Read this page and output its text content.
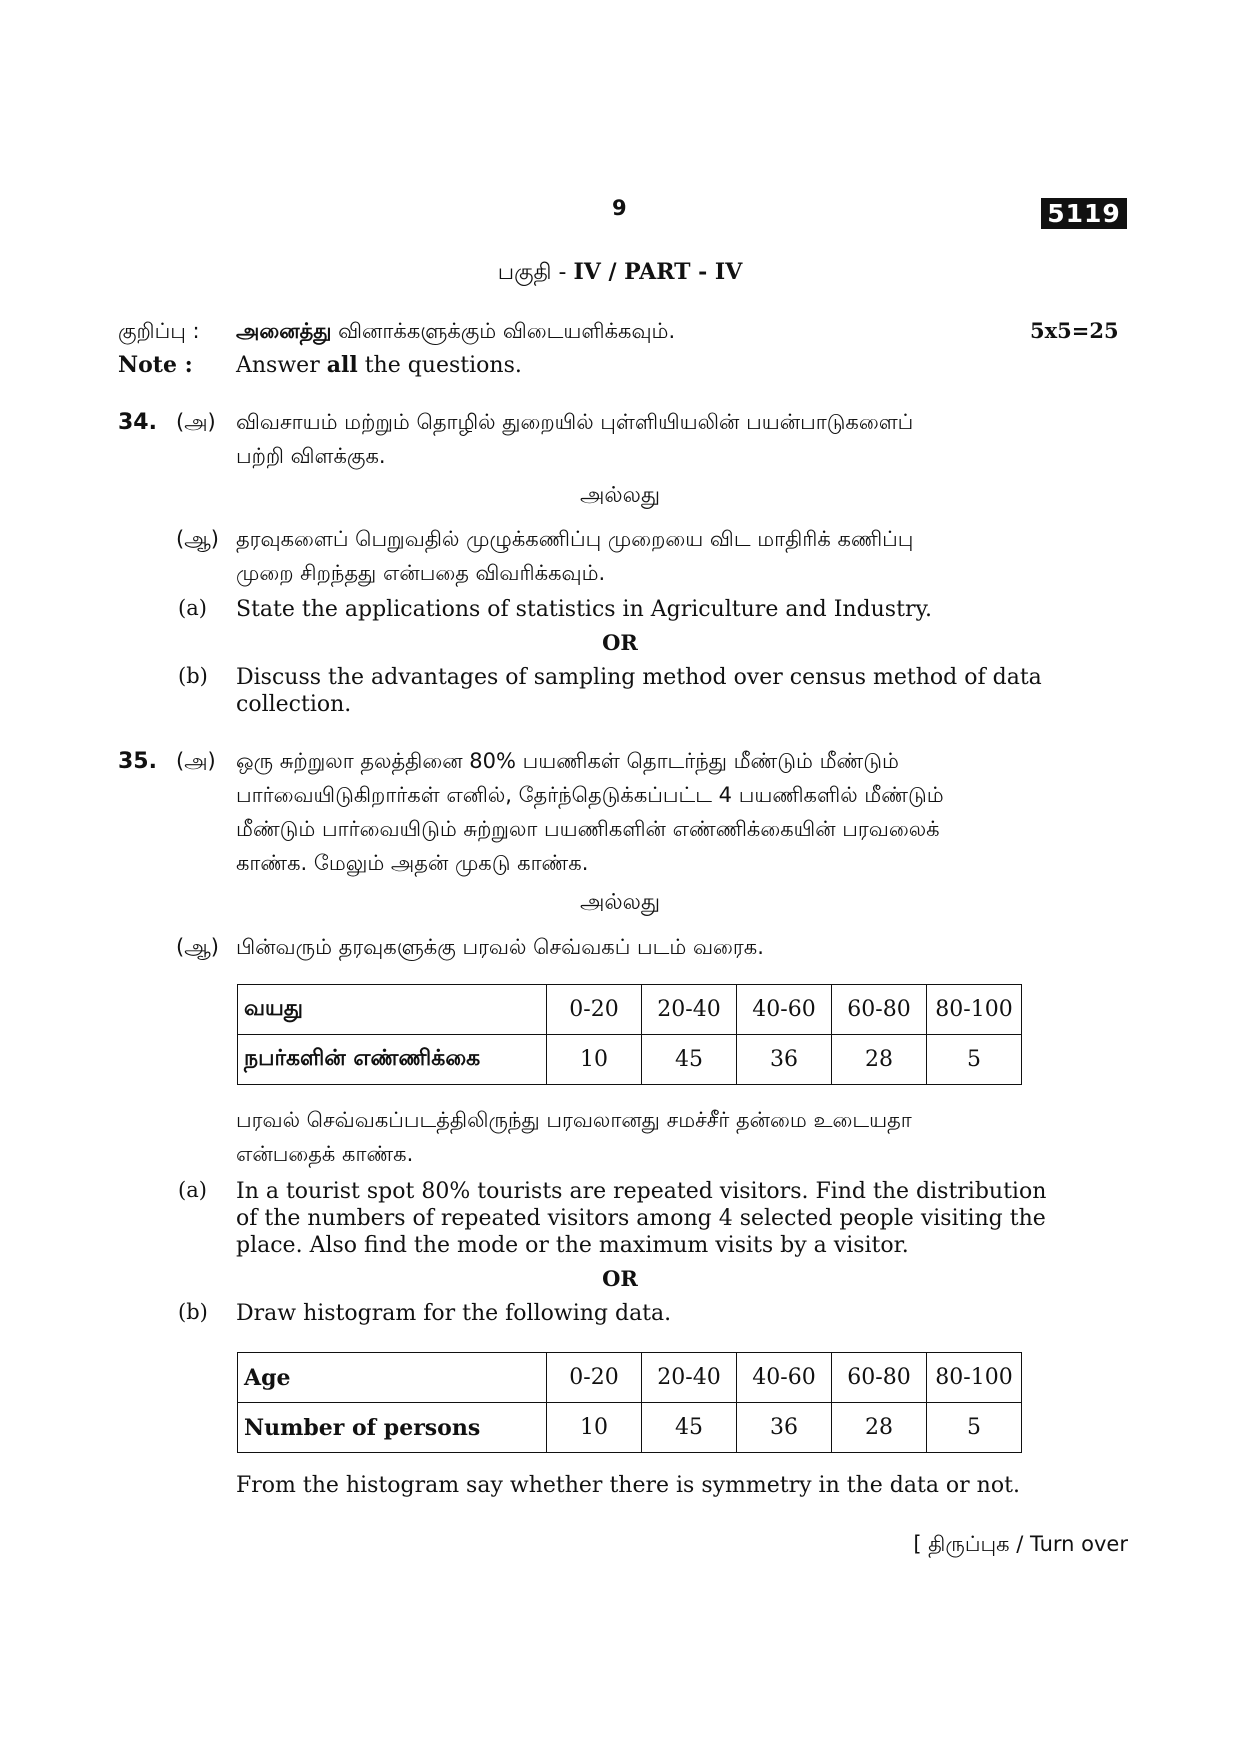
9	5119
பகுதி - IV / PART - IV
குறிப்பு : அனைத்து வினாக்களுக்கும் விடையளிக்கவும்.	5x5=25
Note : Answer all the questions.
34. (அ) விவசாயம் மற்றும் தொழில் துறையில் புள்ளியியலின் பயன்பாடுகளைப்
பற்றி விளக்குக.
அல்லது
(ஆ) தரவுகளைப் பெறுவதில் முழுக்கணிப்பு முறையை விட மாதிரிக் கணிப்பு
முறை சிறந்தது என்பதை விவரிக்கவும்.
(a) State the applications of statistics in Agriculture and Industry.
OR
(b) Discuss the advantages of sampling method over census method of data
collection.
35. (அ) ஒரு சுற்றுலா தலத்தினை 80% பயணிகள் தொடர்ந்து மீண்டும் மீண்டும்
பார்வையிடுகிறார்கள் எனில், தேர்ந்தெடுக்கப்பட்ட 4 பயணிகளில் மீண்டும்
மீண்டும் பார்வையிடும் சுற்றுலா பயணிகளின் எண்ணிக்கையின் பரவலைக்
காண்க. மேலும் அதன் முகடு காண்க.
அல்லது
(ஆ) பின்வரும் தரவுகளுக்கு பரவல் செவ்வகப் படம் வரைக.
வயது	0-20	20-40	40-60	60-80	80-100
நபர்களின் எண்ணிக்கை	10	45	36	28	5
பரவல் செவ்வகப்படத்திலிருந்து பரவலானது சமச்சீர் தன்மை உடையதா
என்பதைக் காண்க.
(a) In a tourist spot 80% tourists are repeated visitors. Find the distribution
of the numbers of repeated visitors among 4 selected people visiting the
place. Also find the mode or the maximum visits by a visitor.
OR
(b) Draw histogram for the following data.
Age	0-20	20-40	40-60	60-80	80-100
Number of persons	10	45	36	28	5
From the histogram say whether there is symmetry in the data or not.
[ திருப்புக / Turn over
